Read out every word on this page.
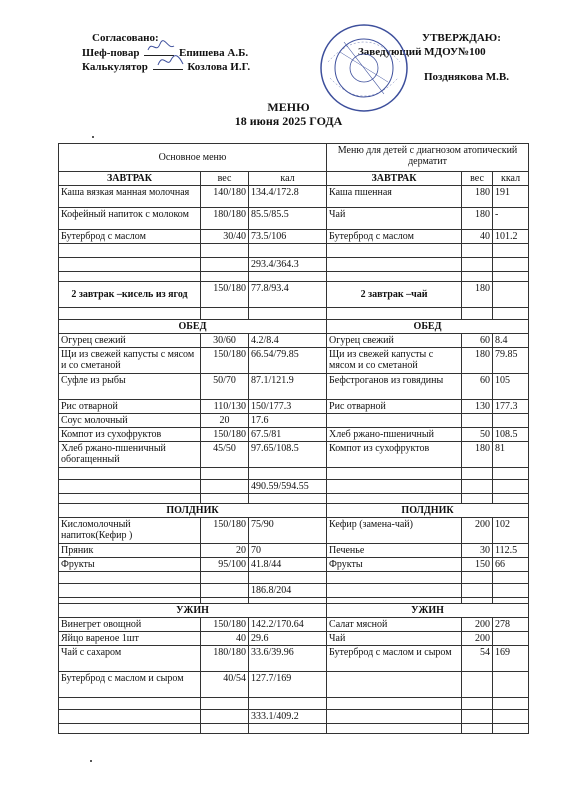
Согласовано:	УТВЕРЖДАЮ:
Шеф-повар	Епишева А.Б.	Заведующий МДОУ№100
Калькулятор	Козлова И.Г.
Позднякова М.В.
МЕНЮ
18 июня 2025 ГОДА
Основное меню			Меню для детей с диагнозом атопический дерматит		
ЗАВТРАК	вес	кал	ЗАВТРАК	вес	ккал
Каша вязкая манная молочная	140/180	134.4/172.8	Каша пшенная	180	191
Кофейный напиток с молоком	180/180	85.5/85.5	Чай	180	-
Бутерброд с маслом	30/40	73.5/106	Бутерброд с маслом	40	101.2

		293.4/364.3			

2 завтрак –кисель из ягод	150/180	77.8/93.4	2 завтрак –чай	180	

ОБЕД			ОБЕД		
Огурец свежий	30/60	4.2/8.4	Огурец свежий	60	8.4
Щи из свежей капусты с мясом и со сметаной	150/180	66.54/79.85	Щи из свежей капусты с мясом и со сметаной	180	79.85
Суфле из рыбы	50/70	87.1/121.9	Бефстроганов из говядины	60	105
Рис отварной	110/130	150/177.3	Рис отварной	130	177.3
Соус молочный	20	17.6			
Компот из сухофруктов	150/180	67.5/81	Хлеб ржано-пшеничный	50	108.5
Хлеб ржано-пшеничный обогащенный	45/50	97.65/108.5	Компот из сухофруктов	180	81

		490.59/594.55			

ПОЛДНИК			ПОЛДНИК		
Кисломолочный напиток(Кефир )	150/180	75/90	Кефир (замена-чай)	200	102
Пряник	20	70	Печенье	30	112.5
Фрукты	95/100	41.8/44	Фрукты	150	66

		186.8/204			

УЖИН			УЖИН		
Винегрет овощной	150/180	142.2/170.64	Салат мясной	200	278
Яйцо вареное 1шт	40	29.6	Чай	200	
Чай с сахаром	180/180	33.6/39.96	Бутерброд с маслом и сыром	54	169
Бутерброд с маслом и сыром	40/54	127.7/169			

		333.1/409.2			
